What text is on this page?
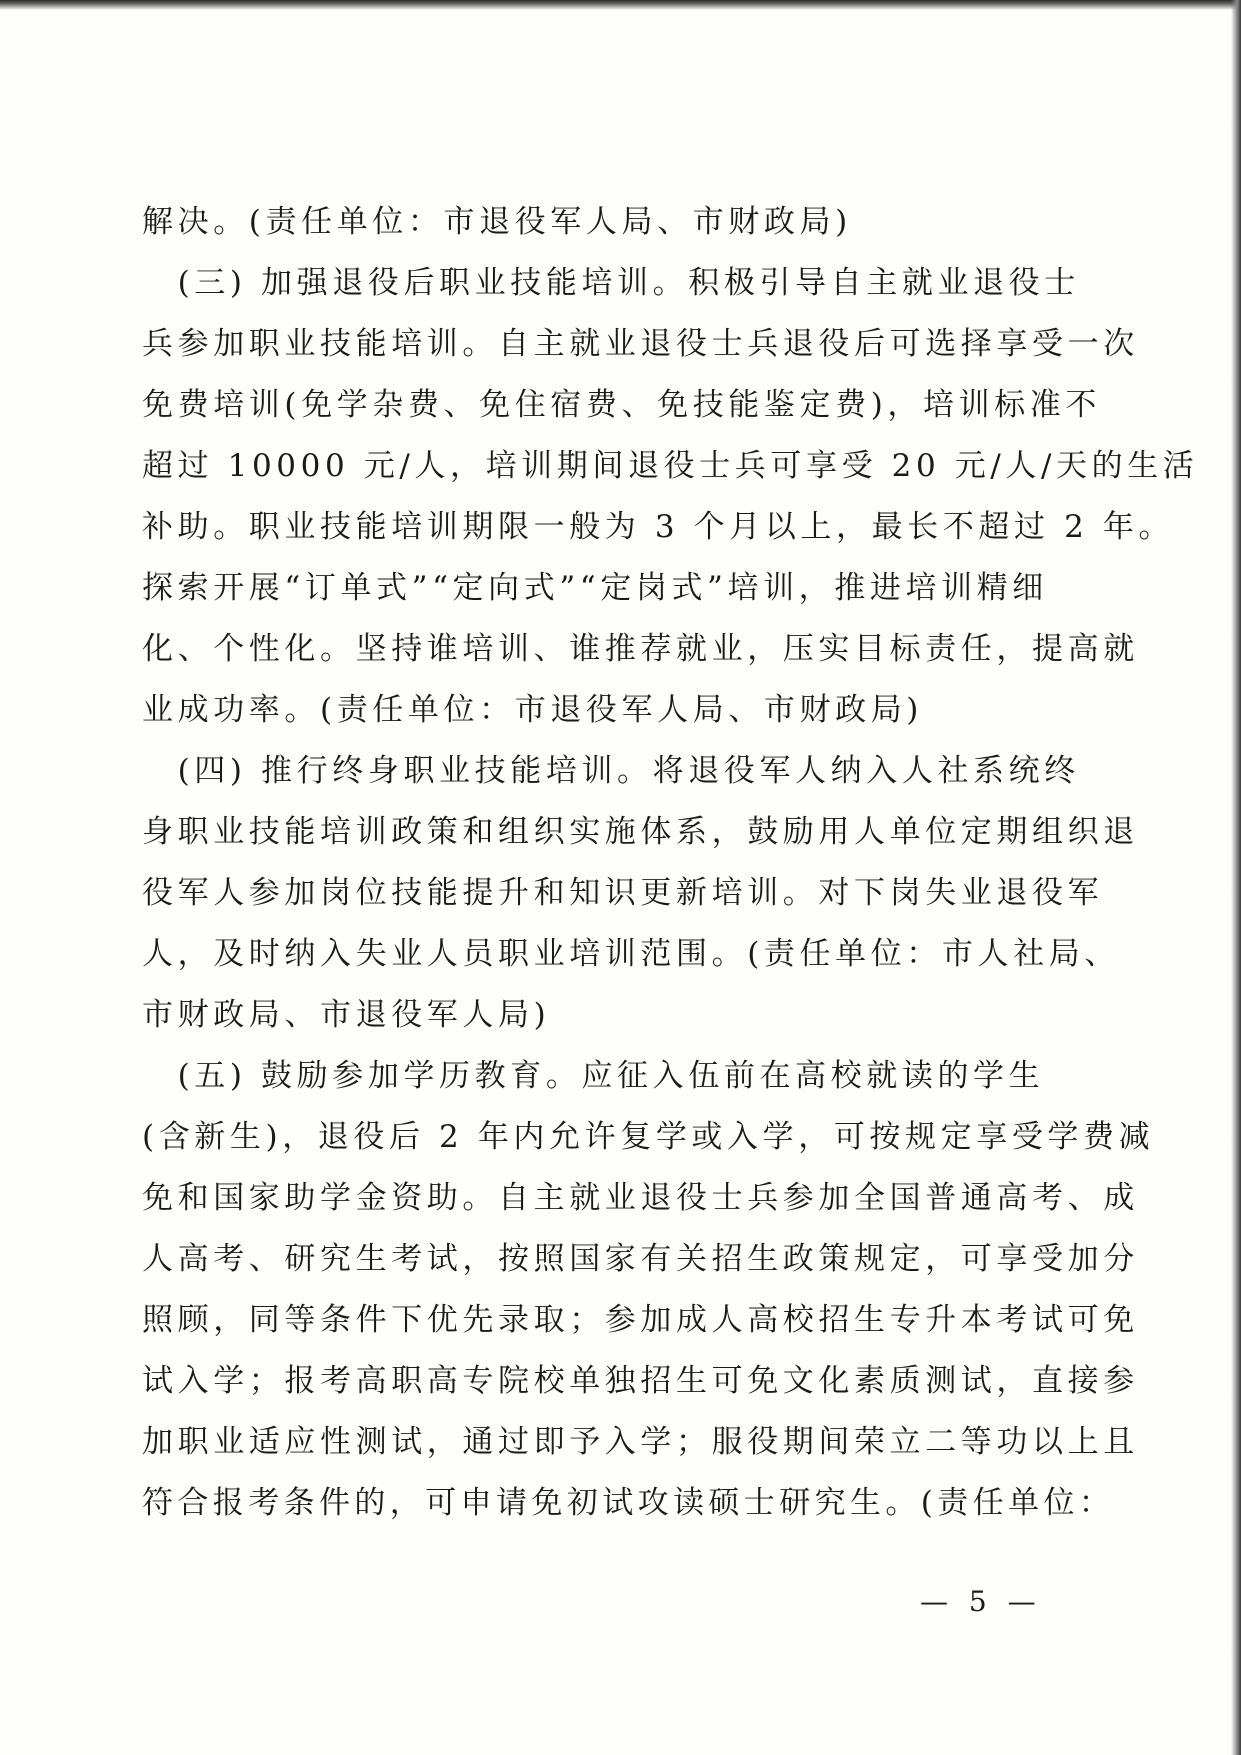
解决。(责任单位：市退役军人局、市财政局)
　(三) 加强退役后职业技能培训。积极引导自主就业退役士
兵参加职业技能培训。自主就业退役士兵退役后可选择享受一次
免费培训(免学杂费、免住宿费、免技能鉴定费)，培训标准不
超过 10000 元/人，培训期间退役士兵可享受 20 元/人/天的生活
补助。职业技能培训期限一般为 3 个月以上，最长不超过 2 年。
探索开展“订单式”“定向式”“定岗式”培训，推进培训精细
化、个性化。坚持谁培训、谁推荐就业，压实目标责任，提高就
业成功率。(责任单位：市退役军人局、市财政局)
　(四) 推行终身职业技能培训。将退役军人纳入人社系统终
身职业技能培训政策和组织实施体系，鼓励用人单位定期组织退
役军人参加岗位技能提升和知识更新培训。对下岗失业退役军
人，及时纳入失业人员职业培训范围。(责任单位：市人社局、
市财政局、市退役军人局)
　(五) 鼓励参加学历教育。应征入伍前在高校就读的学生
(含新生)，退役后 2 年内允许复学或入学，可按规定享受学费减
免和国家助学金资助。自主就业退役士兵参加全国普通高考、成
人高考、研究生考试，按照国家有关招生政策规定，可享受加分
照顾，同等条件下优先录取；参加成人高校招生专升本考试可免
试入学；报考高职高专院校单独招生可免文化素质测试，直接参
加职业适应性测试，通过即予入学；服役期间荣立二等功以上且
符合报考条件的，可申请免初试攻读硕士研究生。(责任单位：
— 5 —
